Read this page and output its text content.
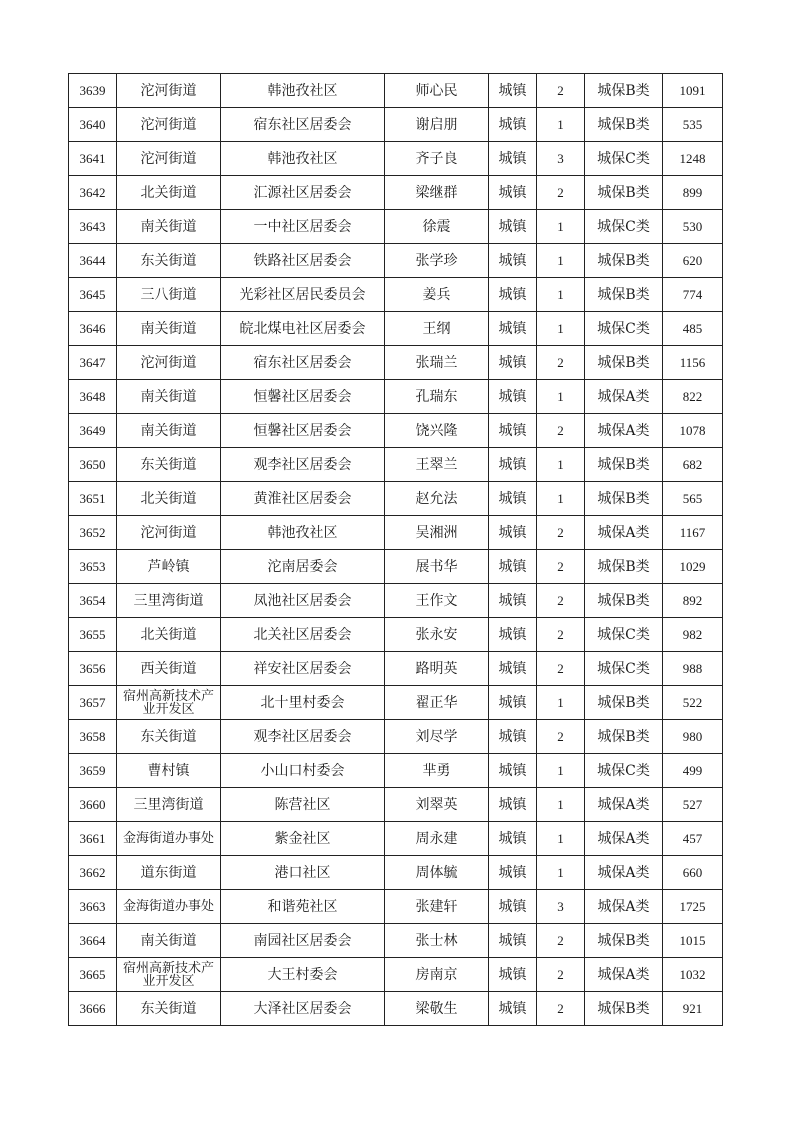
3639	沱河街道	韩池孜社区	师心民	城镇	2	城保B类	1091
3640	沱河街道	宿东社区居委会	谢启朋	城镇	1	城保B类	535
3641	沱河街道	韩池孜社区	齐子良	城镇	3	城保C类	1248
3642	北关街道	汇源社区居委会	梁继群	城镇	2	城保B类	899
3643	南关街道	一中社区居委会	徐震	城镇	1	城保C类	530
3644	东关街道	铁路社区居委会	张学珍	城镇	1	城保B类	620
3645	三八街道	光彩社区居民委员会	姜兵	城镇	1	城保B类	774
3646	南关街道	皖北煤电社区居委会	王纲	城镇	1	城保C类	485
3647	沱河街道	宿东社区居委会	张瑞兰	城镇	2	城保B类	1156
3648	南关街道	恒馨社区居委会	孔瑞东	城镇	1	城保A类	822
3649	南关街道	恒馨社区居委会	饶兴隆	城镇	2	城保A类	1078
3650	东关街道	观李社区居委会	王翠兰	城镇	1	城保B类	682
3651	北关街道	黄淮社区居委会	赵允法	城镇	1	城保B类	565
3652	沱河街道	韩池孜社区	吴湘洲	城镇	2	城保A类	1167
3653	芦岭镇	沱南居委会	展书华	城镇	2	城保B类	1029
3654	三里湾街道	凤池社区居委会	王作文	城镇	2	城保B类	892
3655	北关街道	北关社区居委会	张永安	城镇	2	城保C类	982
3656	西关街道	祥安社区居委会	路明英	城镇	2	城保C类	988
3657	宿州高新技术产业开发区	北十里村委会	翟正华	城镇	1	城保B类	522
3658	东关街道	观李社区居委会	刘尽学	城镇	2	城保B类	980
3659	曹村镇	小山口村委会	芈勇	城镇	1	城保C类	499
3660	三里湾街道	陈营社区	刘翠英	城镇	1	城保A类	527
3661	金海街道办事处	紫金社区	周永建	城镇	1	城保A类	457
3662	道东街道	港口社区	周体毓	城镇	1	城保A类	660
3663	金海街道办事处	和谐苑社区	张建轩	城镇	3	城保A类	1725
3664	南关街道	南园社区居委会	张士林	城镇	2	城保B类	1015
3665	宿州高新技术产业开发区	大王村委会	房南京	城镇	2	城保A类	1032
3666	东关街道	大泽社区居委会	梁敬生	城镇	2	城保B类	921
